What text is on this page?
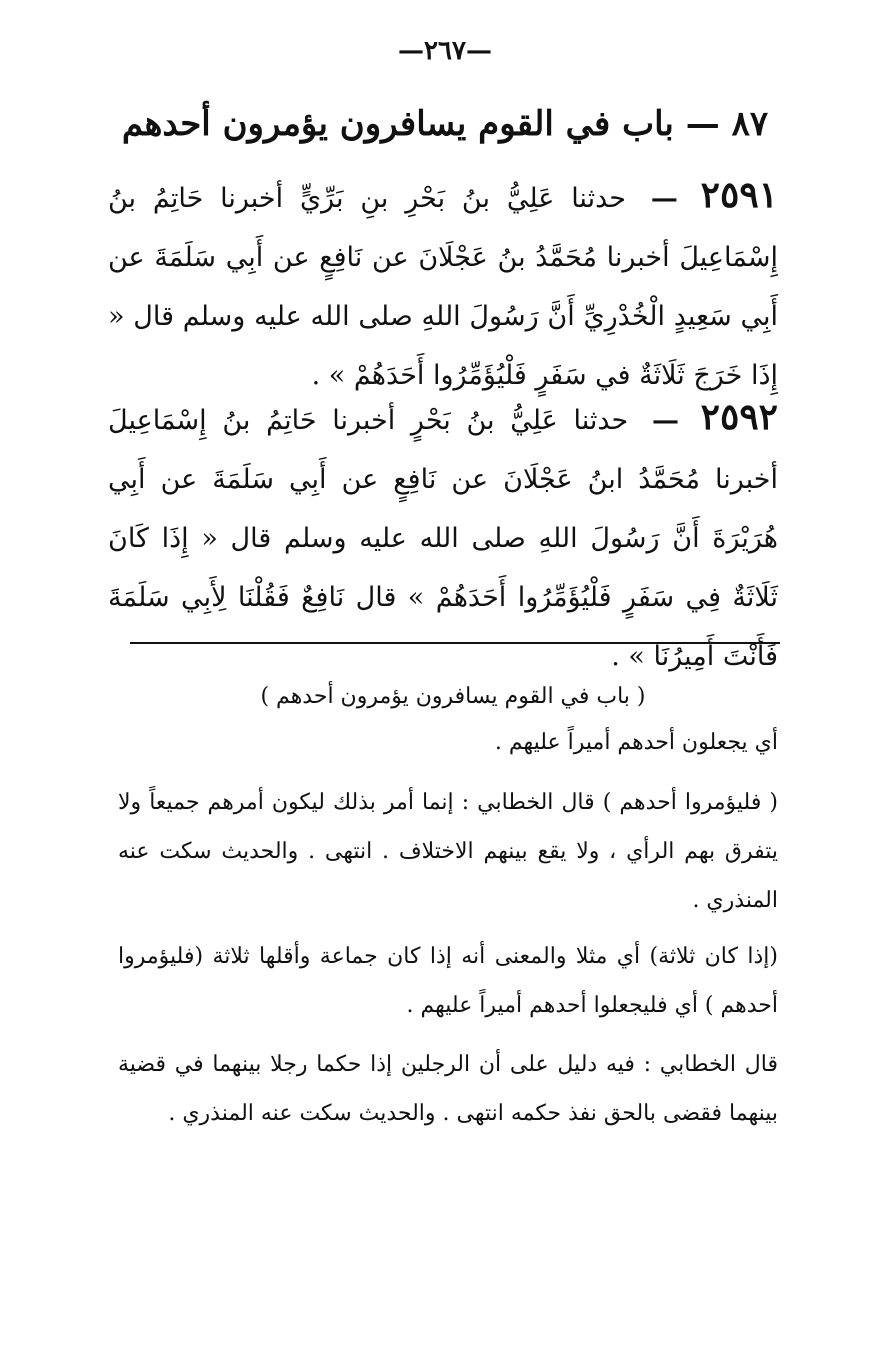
—٢٦٧—
٨٧ — باب في القوم يسافرون يؤمرون أحدهم
٢٥٩١ — حدثنا عَلِيُّ بنُ بَحْرِ بنِ بَرِّيٍّ أخبرنا حَاتِمُ بنُ إِسْمَاعِيلَ أخبرنا مُحَمَّدُ بنُ عَجْلَانَ عن نَافِعٍ عن أَبِي سَلَمَةَ عن أَبِي سَعِيدٍ الْخُدْرِيِّ أَنَّ رَسُولَ اللهِ صلى الله عليه وسلم قال « إِذَا خَرَجَ ثَلَاثَةٌ في سَفَرٍ فَلْيُؤَمِّرُوا أَحَدَهُمْ » .
٢٥٩٢ — حدثنا عَلِيُّ بنُ بَحْرٍ أخبرنا حَاتِمُ بنُ إِسْمَاعِيلَ أخبرنا مُحَمَّدُ ابنُ عَجْلَانَ عن نَافِعٍ عن أَبِي سَلَمَةَ عن أَبِي هُرَيْرَةَ أَنَّ رَسُولَ اللهِ صلى الله عليه وسلم قال « إِذَا كَانَ ثَلَاثَةٌ فِي سَفَرٍ فَلْيُؤَمِّرُوا أَحَدَهُمْ » قال نَافِعٌ فَقُلْنَا لِأَبِي سَلَمَةَ فَأَنْتَ أَمِيرُنَا » .
( باب في القوم يسافرون يؤمرون أحدهم )
أي يجعلون أحدهم أميراً عليهم .
( فليؤمروا أحدهم ) قال الخطابي : إنما أمر بذلك ليكون أمرهم جميعاً ولا يتفرق بهم الرأي ، ولا يقع بينهم الاختلاف . انتهى . والحديث سكت عنه المنذري .
(إذا كان ثلاثة) أي مثلا والمعنى أنه إذا كان جماعة وأقلها ثلاثة (فليؤمروا أحدهم ) أي فليجعلوا أحدهم أميراً عليهم .
قال الخطابي : فيه دليل على أن الرجلين إذا حكما رجلا بينهما في قضية بينهما فقضى بالحق نفذ حكمه انتهى . والحديث سكت عنه المنذري .
